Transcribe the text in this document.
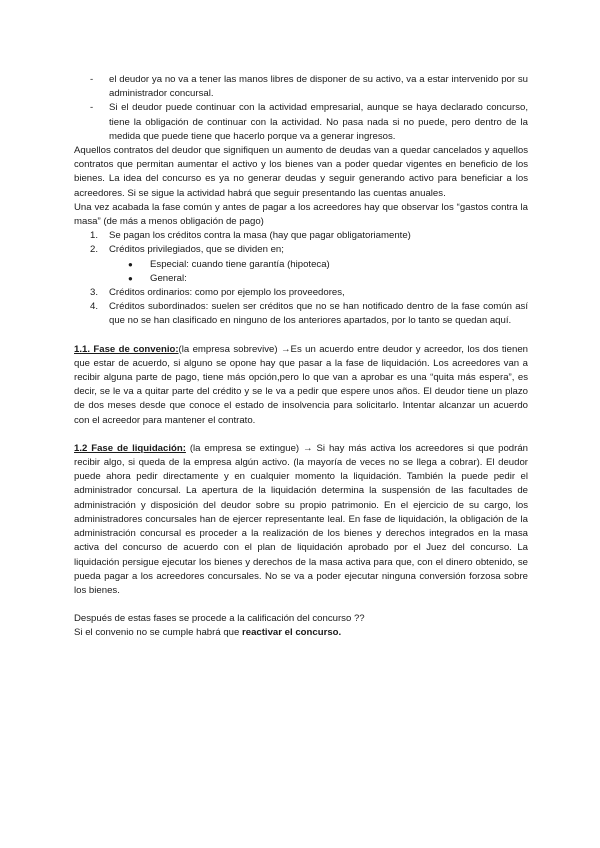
- el deudor ya no va a tener las manos libres de disponer de su activo, va a estar intervenido por su administrador concursal.
- Si el deudor puede continuar con la actividad empresarial, aunque se haya declarado concurso, tiene la obligación de continuar con la actividad. No pasa nada si no puede, pero dentro de la medida que puede tiene que hacerlo porque va a generar ingresos.

Aquellos contratos del deudor que signifiquen un aumento de deudas van a quedar cancelados y aquellos contratos que permitan aumentar el activo y los bienes van a poder quedar vigentes en beneficio de los bienes. La idea del concurso es ya no generar deudas y seguir generando activo para beneficiar a los acreedores. Si se sigue la actividad habrá que seguir presentando las cuentas anuales.

Una vez acabada la fase común y antes de pagar a los acreedores hay que observar los “gastos contra la masa” (de más a menos obligación de pago)

1. Se pagan los créditos contra la masa (hay que pagar obligatoriamente)
2. Créditos privilegiados, que se dividen en;
● Especial: cuando tiene garantía (hipoteca)
● General:
3. Créditos ordinarios: como por ejemplo los proveedores,
4. Créditos subordinados: suelen ser créditos que no se han notificado dentro de la fase común así que no se han clasificado en ninguno de los anteriores apartados, por lo tanto se quedan aquí.

1.1. Fase de convenio:(la empresa sobrevive) →Es un acuerdo entre deudor y acreedor, los dos tienen que estar de acuerdo, si alguno se opone hay que pasar a la fase de liquidación. Los acreedores van a recibir alguna parte de pago, tiene más opción,pero lo que van a aprobar es una “quita más espera”, es decir, se le va a quitar parte del crédito y se le va a pedir que espere unos años. El deudor tiene un plazo de dos meses desde que conoce el estado de insolvencia para solicitarlo. Intentar alcanzar un acuerdo con el acreedor para mantener el contrato.

1.2 Fase de liquidación: (la empresa se extingue) → Si hay más activa los acreedores si que podrán recibir algo, si queda de la empresa algún activo. (la mayoría de veces no se llega a cobrar). El deudor puede ahora pedir directamente y en cualquier momento la liquidación. También la puede pedir el administrador concursal. La apertura de la liquidación determina la suspensión de las facultades de administración y disposición del deudor sobre su propio patrimonio. En el ejercicio de su cargo, los administradores concursales han de ejercer representante leal. En fase de liquidación, la obligación de la administración concursal es proceder a la realización de los bienes y derechos integrados en la masa activa del concurso de acuerdo con el plan de liquidación aprobado por el Juez del concurso. La liquidación persigue ejecutar los bienes y derechos de la masa activa para que, con el dinero obtenido, se pueda pagar a los acreedores concursales. No se va a poder ejecutar ninguna conversión forzosa sobre los bienes.

Después de estas fases se procede a la calificación del concurso ??

Si el convenio no se cumple habrá que reactivar el concurso.
